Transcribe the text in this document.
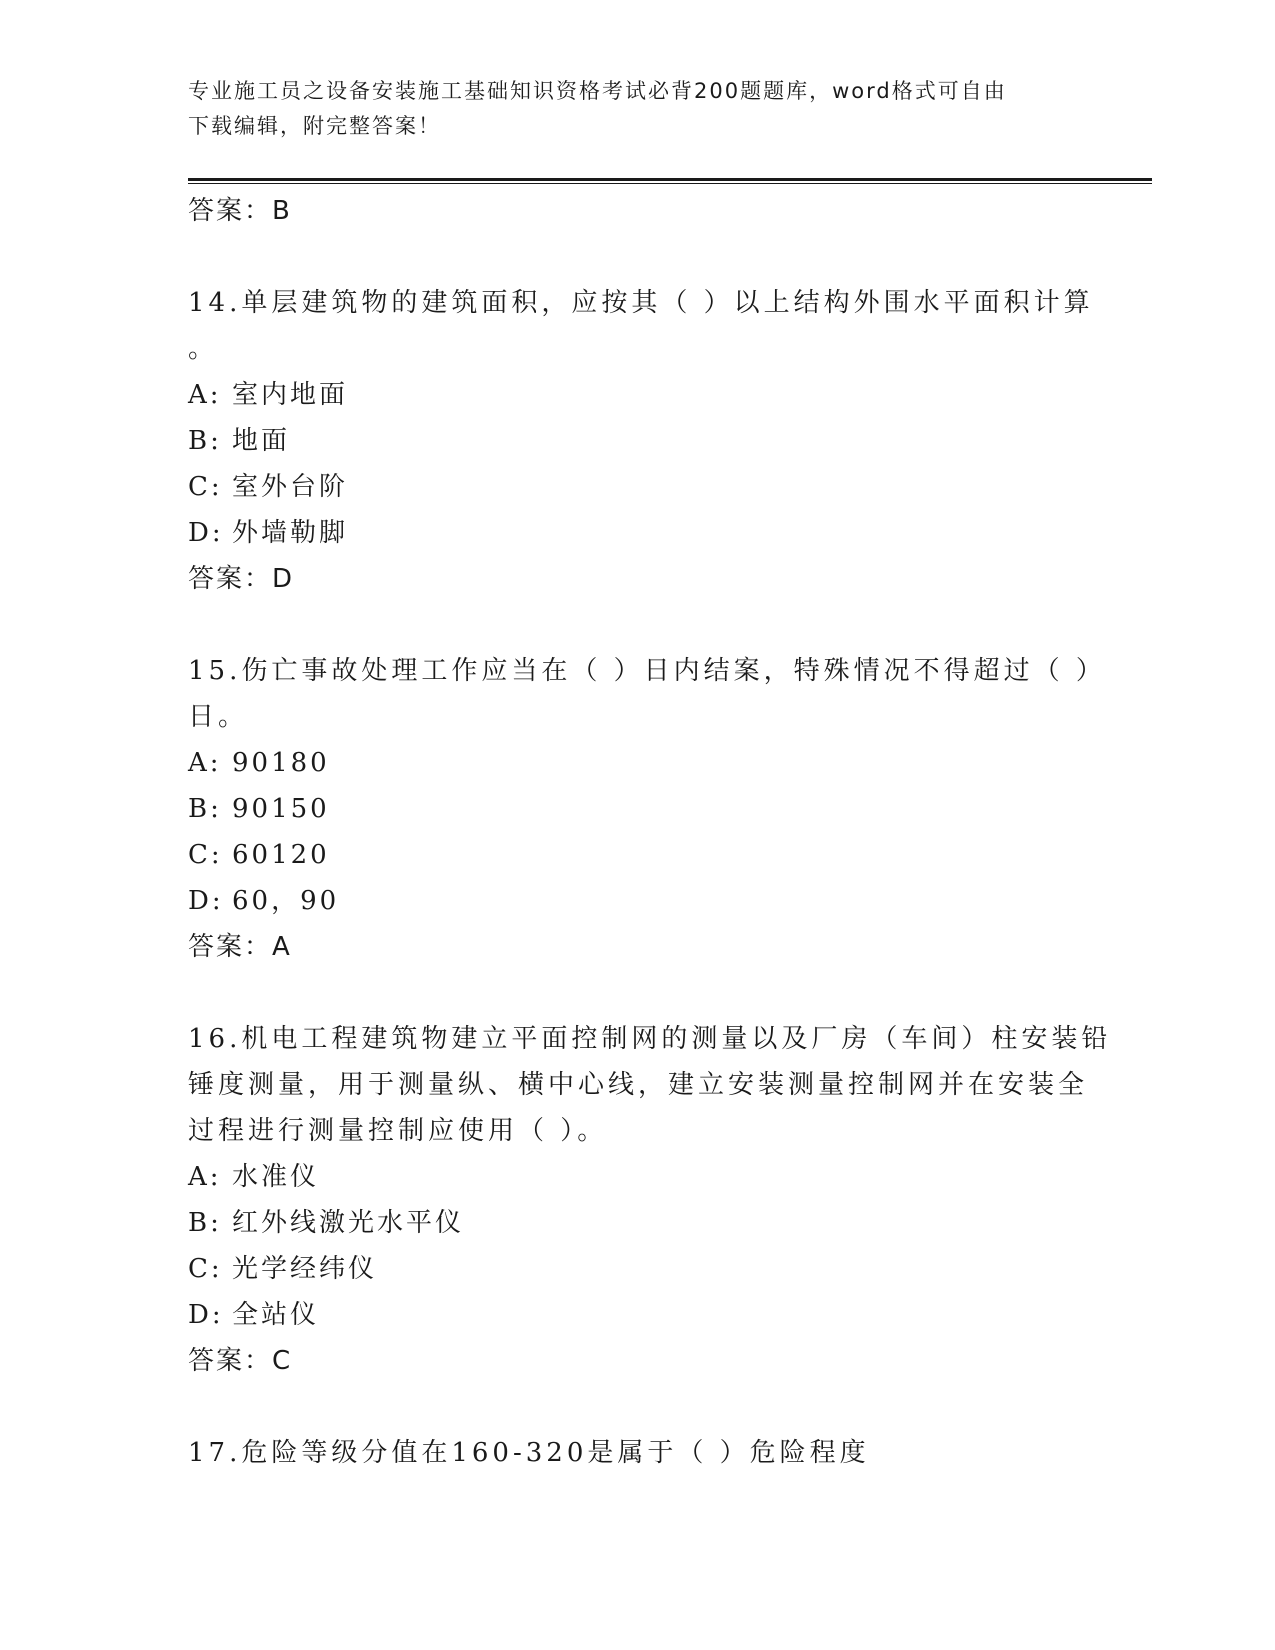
专业施工员之设备安装施工基础知识资格考试必背200题题库，word格式可自由
下载编辑，附完整答案！
答案：B
14.单层建筑物的建筑面积，应按其（ ）以上结构外围水平面积计算
。
A: 室内地面
B: 地面
C: 室外台阶
D: 外墙勒脚
答案：D
15.伤亡事故处理工作应当在（ ）日内结案，特殊情况不得超过（ ）
日。
A: 90180
B: 90150
C: 60120
D: 60，90
答案：A
16.机电工程建筑物建立平面控制网的测量以及厂房（车间）柱安装铅
锤度测量，用于测量纵、横中心线，建立安装测量控制网并在安装全
过程进行测量控制应使用（ ）。
A: 水准仪
B: 红外线激光水平仪
C: 光学经纬仪
D: 全站仪
答案：C
17.危险等级分值在160-320是属于（ ）危险程度
